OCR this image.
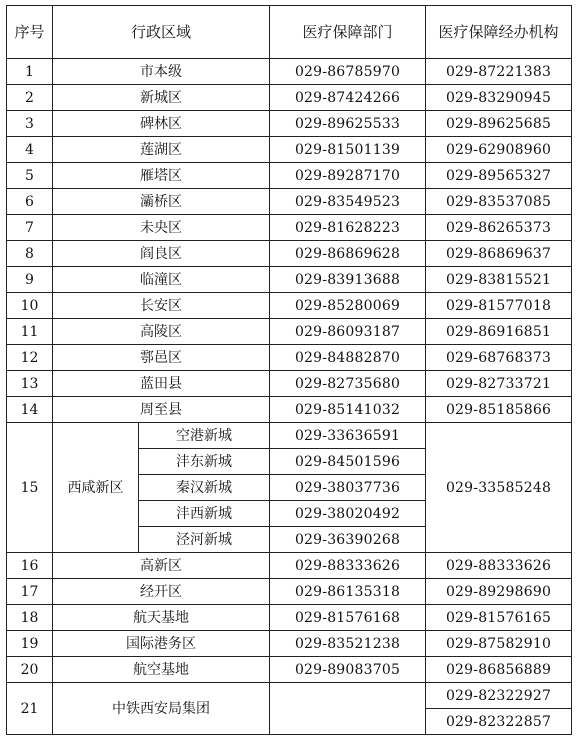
序号	行政区域		医疗保障部门	医疗保障经办机构
1	市本级		029-86785970	029-87221383
2	新城区		029-87424266	029-83290945
3	碑林区		029-89625533	029-89625685
4	莲湖区		029-81501139	029-62908960
5	雁塔区		029-89287170	029-89565327
6	灞桥区		029-83549523	029-83537085
7	未央区		029-81628223	029-86265373
8	阎良区		029-86869628	029-86869637
9	临潼区		029-83913688	029-83815521
10	长安区		029-85280069	029-81577018
11	高陵区		029-86093187	029-86916851
12	鄠邑区		029-84882870	029-68768373
13	蓝田县		029-82735680	029-82733721
14	周至县		029-85141032	029-85185866
15	西咸新区	空港新城	029-33636591	029-33585248
		沣东新城	029-84501596	
		秦汉新城	029-38037736	
		沣西新城	029-38020492	
		泾河新城	029-36390268	
16	高新区		029-88333626	029-88333626
17	经开区		029-86135318	029-89298690
18	航天基地		029-81576168	029-81576165
19	国际港务区		029-83521238	029-87582910
20	航空基地		029-89083705	029-86856889
21	中铁西安局集团			029-82322927
				029-82322857
